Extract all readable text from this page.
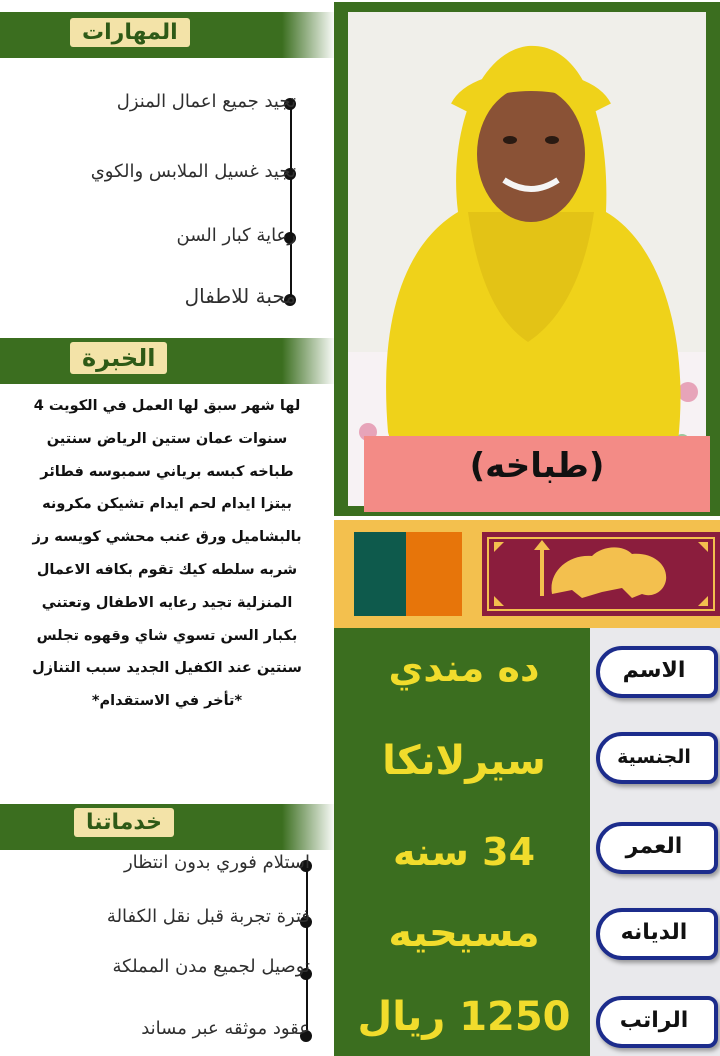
المهارات
تجيد جميع اعمال المنزل
تجيد غسيل الملابس والكوي
رعاية كبار السن
محبة للاطفال
الخبرة
لها شهر سبق لها العمل في الكويت 4
سنوات عمان ستين الرياض سنتين
طباخه كبسه برياني سمبوسه فطائر
بيتزا ايدام لحم ايدام تشيكن مكرونه
بالبشاميل ورق عنب محشي كويسه رز
شربه سلطه كيك تقوم بكافه الاعمال
المنزلية تجيد رعايه الاطفال وتعتني
بكبار السن تسوي شاي وقهوه تجلس
سنتين عند الكفيل الجديد سبب التنازل
*تأخر في الاستقدام*
خدماتنا
استلام فوري بدون انتظار
فترة تجربة قبل نقل الكفالة
توصيل لجميع مدن المملكة
عقود موثقه عبر مساند
(طباخه)
الاسم
الجنسية
العمر
الديانه
الراتب
ده مندي
سيرلانكا
34 سنه
مسيحيه
1250 ريال
